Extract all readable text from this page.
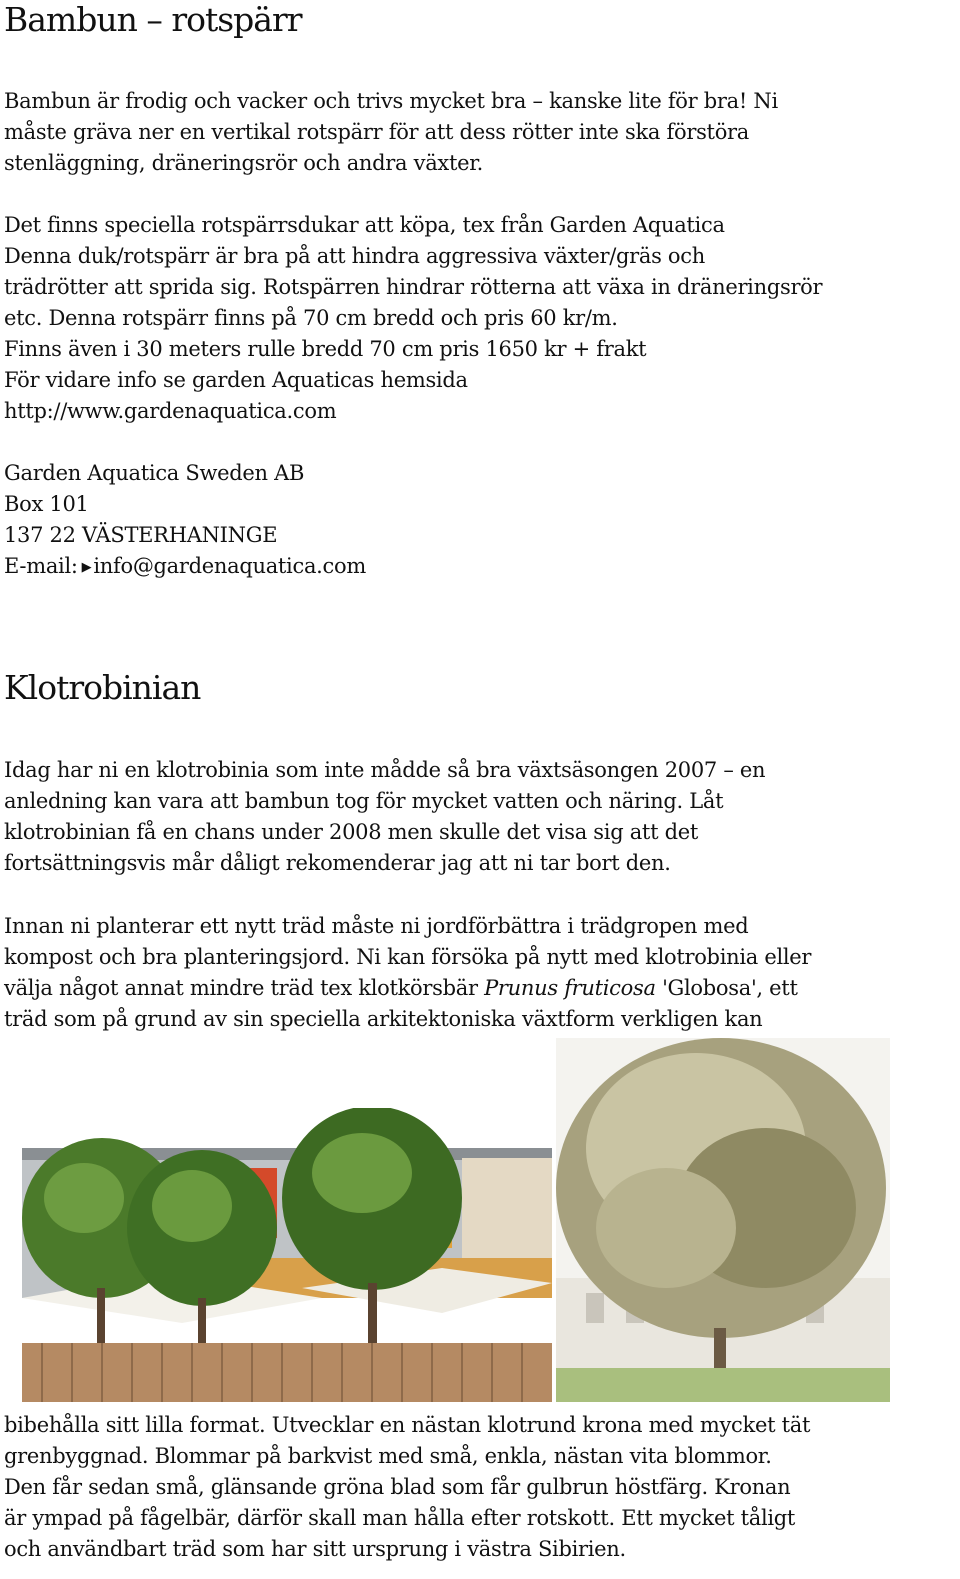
Bambun – rotspärr
Bambun är frodig och vacker och trivs mycket bra – kanske lite för bra! Ni
måste gräva ner en vertikal rotspärr för att dess rötter inte ska förstöra
stenläggning, dräneringsrör och andra växter.
Det finns speciella rotspärrsdukar att köpa, tex från Garden Aquatica
Denna duk/rotspärr är bra på att hindra aggressiva växter/gräs och
trädrötter att sprida sig. Rotspärren hindrar rötterna att växa in dräneringsrör
etc. Denna rotspärr finns på 70 cm bredd och pris 60 kr/m.
Finns även i 30 meters rulle bredd 70 cm pris 1650 kr + frakt
För vidare info se garden Aquaticas hemsida
http://www.gardenaquatica.com
Garden Aquatica Sweden AB
Box 101
137 22 VÄSTERHANINGE
E-mail: ▶info@gardenaquatica.com
Klotrobinian
Idag har ni en klotrobinia som inte mådde så bra växtsäsongen 2007 – en
anledning kan vara att bambun tog för mycket vatten och näring. Låt
klotrobinian få en chans under 2008 men skulle det visa sig att det
fortsättningsvis mår dåligt rekomenderar jag att ni tar bort den.
Innan ni planterar ett nytt träd måste ni jordförbättra i trädgropen med
kompost och bra planteringsjord. Ni kan försöka på nytt med klotrobinia eller
välja något annat mindre träd tex klotkörsbär Prunus fruticosa 'Globosa', ett
träd som på grund av sin speciella arkitektoniska växtform verkligen kan
bibehålla sitt lilla format. Utvecklar en nästan klotrund krona med mycket tät
grenbyggnad. Blommar på barkvist med små, enkla, nästan vita blommor.
Den får sedan små, glänsande gröna blad som får gulbrun höstfärg. Kronan
är ympad på fågelbär, därför skall man hålla efter rotskott. Ett mycket tåligt
och användbart träd som har sitt ursprung i västra Sibirien.
